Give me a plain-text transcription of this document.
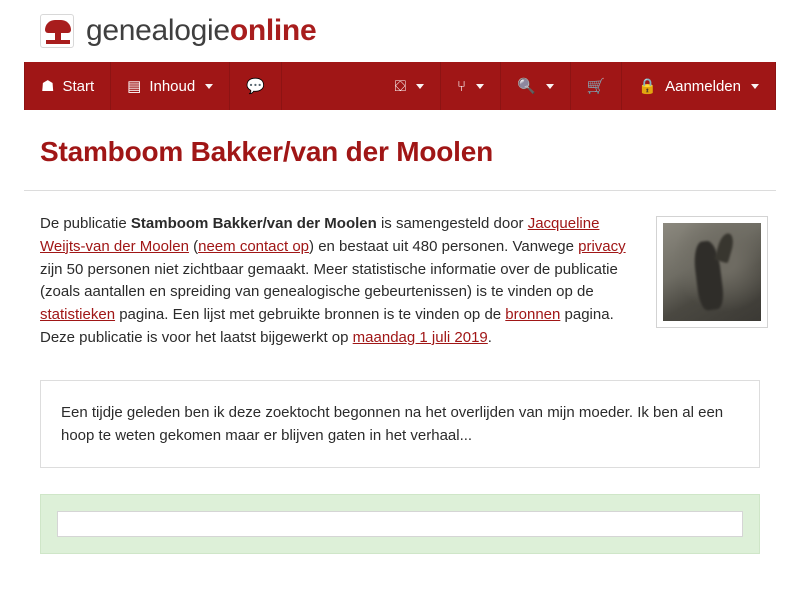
genealogieonline
☗ Start ▤ Inhoud	💬	⛋	⑂	🔍	🛒 🔒 Aanmelden
Stamboom Bakker/van der Moolen
De publicatie Stamboom Bakker/van der Moolen is samengesteld door Jacqueline Weijts-van der Moolen (neem contact op) en bestaat uit 480 personen. Vanwege privacy zijn 50 personen niet zichtbaar gemaakt. Meer statistische informatie over de publicatie (zoals aantallen en spreiding van genealogische gebeurtenissen) is te vinden op de statistieken pagina. Een lijst met gebruikte bronnen is te vinden op de bronnen pagina. Deze publicatie is voor het laatst bijgewerkt op maandag 1 juli 2019.
Een tijdje geleden ben ik deze zoektocht begonnen na het overlijden van mijn moeder. Ik ben al een hoop te weten gekomen maar er blijven gaten in het verhaal...
